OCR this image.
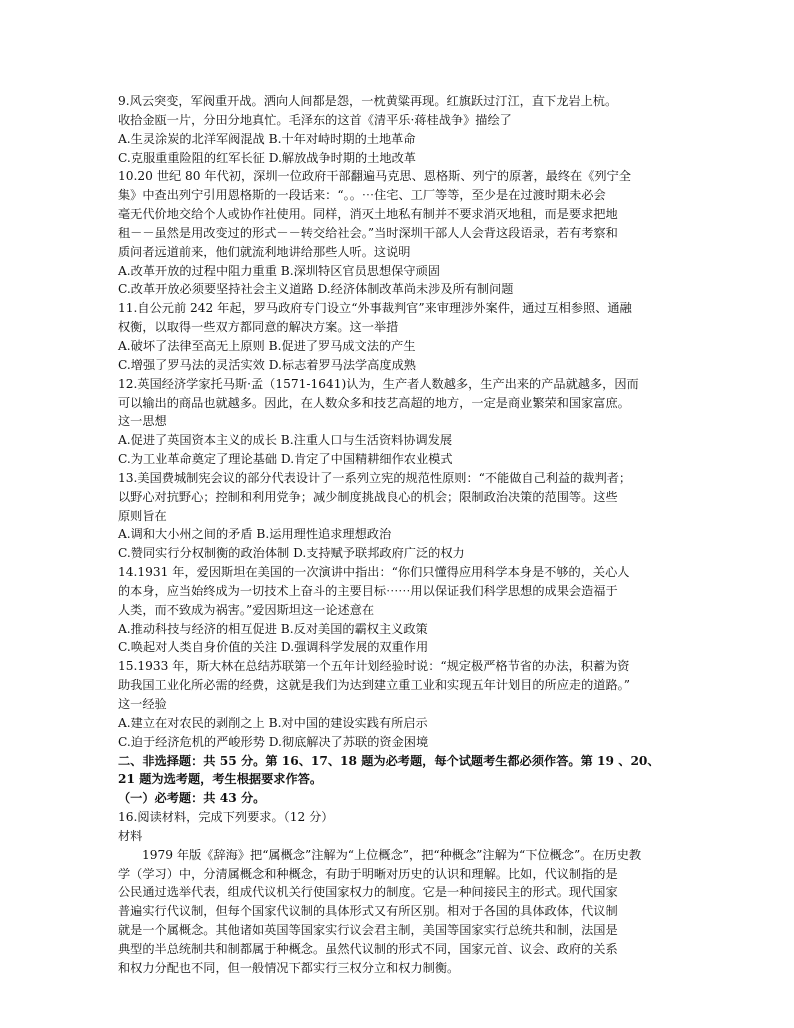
9.风云突变，军阀重开战。洒向人间都是怨，一枕黄粱再现。红旗跃过汀江，直下龙岩上杭。

收拾金瓯一片，分田分地真忙。毛泽东的这首《清平乐·蒋桂战争》描绘了

A.生灵涂炭的北洋军阀混战 B.十年对峙时期的土地革命

C.克服重重险阻的红军长征 D.解放战争时期的土地改革

10.20 世纪 80 年代初，深圳一位政府干部翻遍马克思、恩格斯、列宁的原著，最终在《列宁全

集》中查出列宁引用恩格斯的一段话来：“。。⋯住宅、工厂等等，至少是在过渡时期未必会

毫无代价地交给个人或协作社使用。同样，消灭土地私有制并不要求消灭地租，而是要求把地

租－－虽然是用改变过的形式－－转交给社会。”当时深圳干部人人会背这段语录，若有考察和

质问者远道前来，他们就流利地讲给那些人听。这说明

A.改革开放的过程中阻力重重 B.深圳特区官员思想保守顽固

C.改革开放必须要坚持社会主义道路 D.经济体制改革尚未涉及所有制问题

11.自公元前 242 年起，罗马政府专门设立“外事裁判官”来审理涉外案件，通过互相参照、通融

权衡，以取得一些双方都同意的解决方案。这一举措

A.破坏了法律至高无上原则 B.促进了罗马成文法的产生

C.增强了罗马法的灵活实效 D.标志着罗马法学高度成熟

12.英国经济学家托马斯·孟（1571-1641)认为，生产者人数越多，生产出来的产品就越多，因而

可以输出的商品也就越多。因此，在人数众多和技艺高超的地方，一定是商业繁荣和国家富庶。

这一思想

A.促进了英国资本主义的成长 B.注重人口与生活资料协调发展

C.为工业革命奠定了理论基础 D.肯定了中国精耕细作农业模式

13.美国费城制宪会议的部分代表设计了一系列立宪的规范性原则：“不能做自己利益的裁判者；

以野心对抗野心；控制和利用党争；减少制度挑战良心的机会；限制政治决策的范围等。这些

原则旨在

A.调和大小州之间的矛盾 B.运用理性追求理想政治

C.赞同实行分权制衡的政治体制 D.支持赋予联邦政府广泛的权力

14.1931 年，爱因斯坦在美国的一次演讲中指出：“你们只懂得应用科学本身是不够的，关心人

的本身，应当始终成为一切技术上奋斗的主要目标⋯⋯用以保证我们科学思想的成果会造福于

人类，而不致成为祸害。”爱因斯坦这一论述意在

A.推动科技与经济的相互促进 B.反对美国的霸权主义政策

C.唤起对人类自身价值的关注 D.强调科学发展的双重作用

15.1933 年，斯大林在总结苏联第一个五年计划经验时说：“规定极严格节省的办法，积蓄为资

助我国工业化所必需的经费，这就是我们为达到建立重工业和实现五年计划目的所应走的道路。”

这一经验

A.建立在对农民的剥削之上 B.对中国的建设实践有所启示

C.迫于经济危机的严峻形势 D.彻底解决了苏联的资金困境

二、非选择题：共 55 分。第 16、17、18 题为必考题，每个试题考生都必须作答。第 19 、20、

21 题为选考题，考生根据要求作答。

（一）必考题：共 43 分。

16.阅读材料，完成下列要求。（12 分）

材料

1979 年版《辞海》把“属概念”注解为“上位概念”，把“种概念”注解为“下位概念”。在历史教

学（学习）中，分清属概念和种概念，有助于明晰对历史的认识和理解。比如，代议制指的是

公民通过选举代表，组成代议机关行使国家权力的制度。它是一种间接民主的形式。现代国家

普遍实行代议制，但每个国家代议制的具体形式又有所区别。相对于各国的具体政体，代议制

就是一个属概念。其他诸如英国等国家实行议会君主制，美国等国家实行总统共和制，法国是

典型的半总统制共和制都属于种概念。虽然代议制的形式不同，国家元首、议会、政府的关系

和权力分配也不同，但一般情况下都实行三权分立和权力制衡。
